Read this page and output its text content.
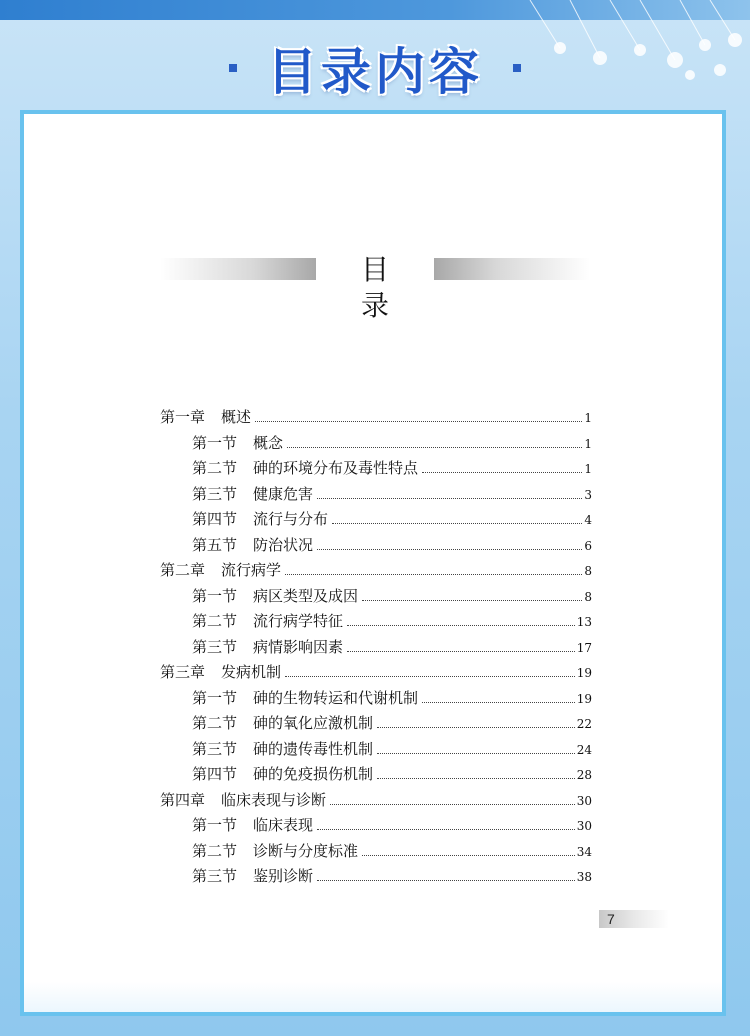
目录内容
目 录
第一章 概述	1
第一节 概念	1
第二节 砷的环境分布及毒性特点	1
第三节 健康危害	3
第四节 流行与分布	4
第五节 防治状况	6
第二章 流行病学	8
第一节 病区类型及成因	8
第二节 流行病学特征	13
第三节 病情影响因素	17
第三章 发病机制	19
第一节 砷的生物转运和代谢机制	19
第二节 砷的氧化应激机制	22
第三节 砷的遗传毒性机制	24
第四节 砷的免疫损伤机制	28
第四章 临床表现与诊断	30
第一节 临床表现	30
第二节 诊断与分度标准	34
第三节 鉴别诊断	38
7
